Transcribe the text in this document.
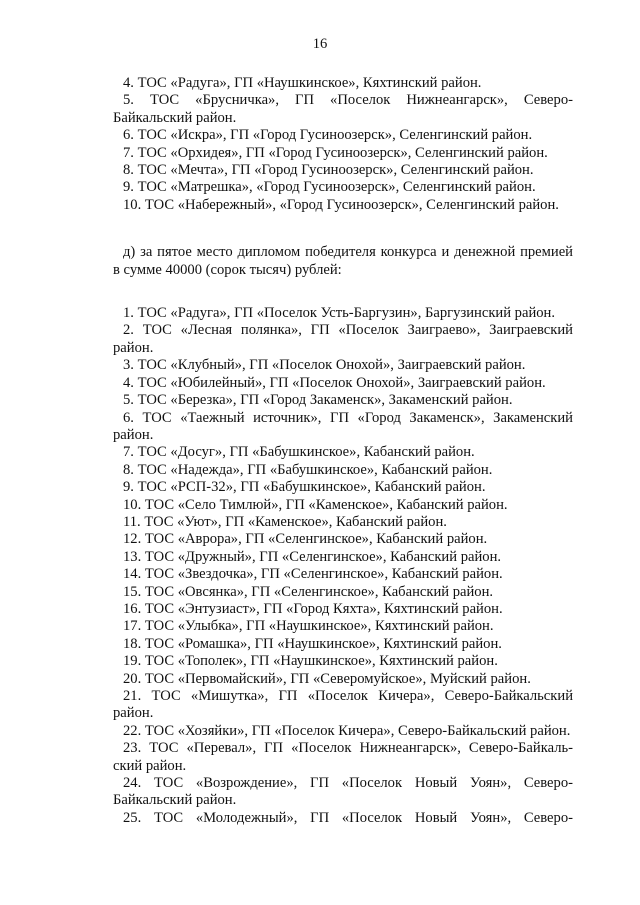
16

4. ТОС «Радуга», ГП «Наушкинское», Кяхтинский район.

5. ТОС «Брусничка», ГП «Поселок Нижнеангарск», Северо-Байкальский район.

6. ТОС «Искра», ГП «Город Гусиноозерск», Селенгинский район.

7. ТОС «Орхидея», ГП «Город Гусиноозерск», Селенгинский район.

8. ТОС «Мечта», ГП «Город Гусиноозерск», Селенгинский район.

9. ТОС «Матрешка», «Город Гусиноозерск», Селенгинский район.

10. ТОС «Набережный», «Город Гусиноозерск», Селенгинский район.

д) за пятое место дипломом победителя конкурса и денежной премией в сумме 40000 (сорок тысяч) рублей:

1. ТОС «Радуга», ГП «Поселок Усть-Баргузин», Баргузинский район.

2. ТОС «Лесная полянка», ГП «Поселок Заиграево», Заиграевский район.

3. ТОС «Клубный», ГП «Поселок Онохой», Заиграевский район.

4. ТОС «Юбилейный», ГП «Поселок Онохой», Заиграевский район.

5. ТОС «Березка», ГП «Город Закаменск», Закаменский район.

6. ТОС «Таежный источник», ГП «Город Закаменск», Закаменский район.

7. ТОС «Досуг», ГП «Бабушкинское», Кабанский район.

8. ТОС «Надежда», ГП «Бабушкинское», Кабанский район.

9. ТОС «РСП-32», ГП «Бабушкинское», Кабанский район.

10. ТОС «Село Тимлюй», ГП «Каменское», Кабанский район.

11. ТОС «Уют», ГП «Каменское», Кабанский район.

12. ТОС «Аврора», ГП «Селенгинское», Кабанский район.

13. ТОС «Дружный», ГП «Селенгинское», Кабанский район.

14. ТОС «Звездочка», ГП «Селенгинское», Кабанский район.

15. ТОС «Овсянка», ГП «Селенгинское», Кабанский район.

16. ТОС «Энтузиаст», ГП «Город Кяхта», Кяхтинский район.

17. ТОС «Улыбка», ГП «Наушкинское», Кяхтинский район.

18. ТОС «Ромашка», ГП «Наушкинское», Кяхтинский район.

19. ТОС «Тополек», ГП «Наушкинское», Кяхтинский район.

20. ТОС «Первомайский», ГП «Северомуйское», Муйский район.

21. ТОС «Мишутка», ГП «Поселок Кичера», Северо-Байкальский район.

22. ТОС «Хозяйки», ГП «Поселок Кичера», Северо-Байкальский район.

23. ТОС «Перевал», ГП «Поселок Нижнеангарск», Северо-Байкаль-ский район.

24. ТОС «Возрождение», ГП «Поселок Новый Уоян», Северо-Байкальский район.

25. ТОС «Молодежный», ГП «Поселок Новый Уоян», Северо-
